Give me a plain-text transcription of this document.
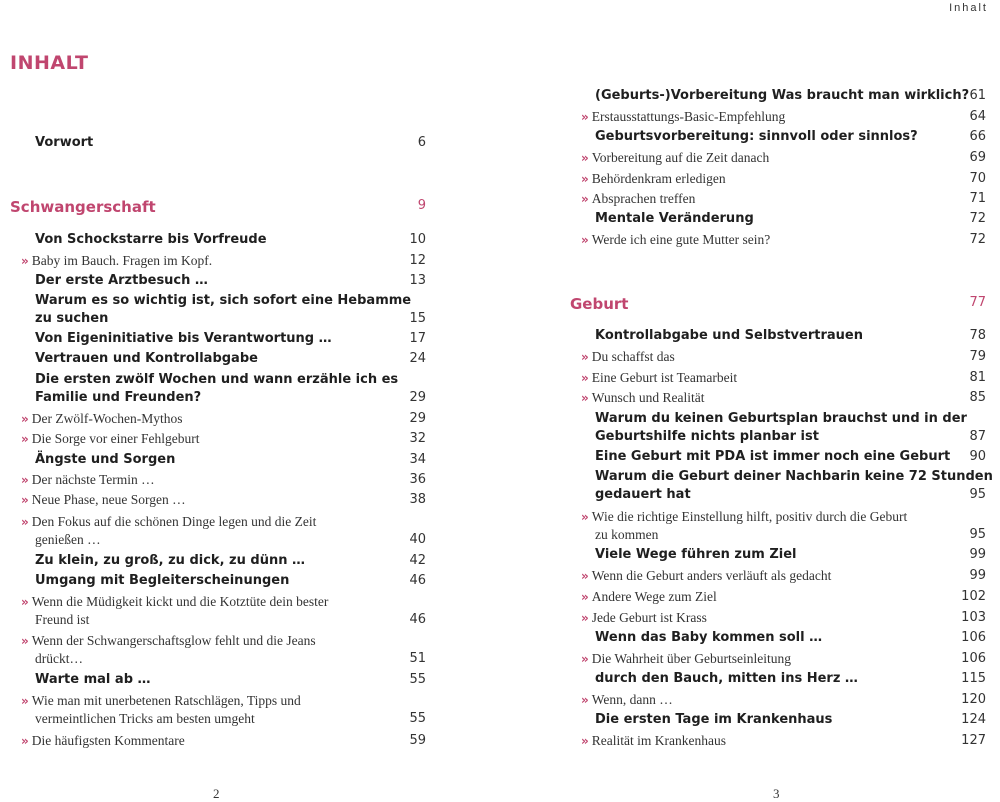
Inhalt
INHALT
Vorwort	6
Schwangerschaft	9
Von Schockstarre bis Vorfreude	10
» Baby im Bauch. Fragen im Kopf.	12
Der erste Arztbesuch …	13
Warum es so wichtig ist, sich sofort eine Hebamme
zu suchen	15
Von Eigeninitiative bis Verantwortung …	17
Vertrauen und Kontrollabgabe	24
Die ersten zwölf Wochen und wann erzähle ich es
Familie und Freunden?	29
» Der Zwölf-Wochen-Mythos	29
» Die Sorge vor einer Fehlgeburt	32
Ängste und Sorgen	34
» Der nächste Termin …	36
» Neue Phase, neue Sorgen …	38
» Den Fokus auf die schönen Dinge legen und die Zeit
genießen …	40
Zu klein, zu groß, zu dick, zu dünn …	42
Umgang mit Begleiterscheinungen	46
» Wenn die Müdigkeit kickt und die Kotztüte dein bester
Freund ist	46
» Wenn der Schwangerschaftsglow fehlt und die Jeans
drückt…	51
Warte mal ab …	55
» Wie man mit unerbetenen Ratschlägen, Tipps und
vermeintlichen Tricks am besten umgeht	55
» Die häufigsten Kommentare	59
(Geburts-)Vorbereitung Was braucht man wirklich? 61
» Erstausstattungs-Basic-Empfehlung	64
Geburtsvorbereitung: sinnvoll oder sinnlos?	66
» Vorbereitung auf die Zeit danach	69
» Behördenkram erledigen	70
» Absprachen treffen	71
Mentale Veränderung	72
» Werde ich eine gute Mutter sein?	72
Geburt	77
Kontrollabgabe und Selbstvertrauen	78
» Du schaffst das	79
» Eine Geburt ist Teamarbeit	81
» Wunsch und Realität	85
Warum du keinen Geburtsplan brauchst und in der
Geburtshilfe nichts planbar ist	87
Eine Geburt mit PDA ist immer noch eine Geburt	90
Warum die Geburt deiner Nachbarin keine 72 Stunden
gedauert hat	95
» Wie die richtige Einstellung hilft, positiv durch die Geburt
zu kommen	95
Viele Wege führen zum Ziel	99
» Wenn die Geburt anders verläuft als gedacht	99
» Andere Wege zum Ziel	102
» Jede Geburt ist Krass	103
Wenn das Baby kommen soll …	106
» Die Wahrheit über Geburtseinleitung	106
durch den Bauch, mitten ins Herz …	115
» Wenn, dann …	120
Die ersten Tage im Krankenhaus	124
» Realität im Krankenhaus	127
2	3
